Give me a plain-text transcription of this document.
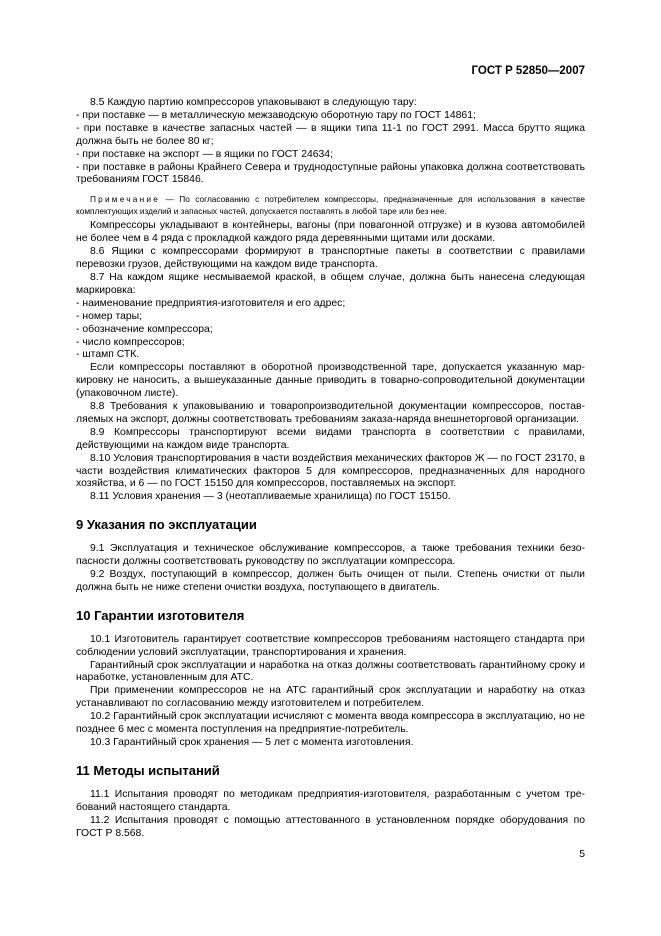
ГОСТ Р 52850—2007

8.5 Каждую партию компрессоров упаковывают в следующую тару:

- при поставке — в металлическую межзаводскую оборотную тару по ГОСТ 14861;

- при поставке в качестве запасных частей — в ящики типа 11-1 по ГОСТ 2991. Масса брутто ящика должна быть не более 80 кг;

- при поставке на экспорт — в ящики по ГОСТ 24634;

- при поставке в районы Крайнего Севера и труднодоступные районы упаковка должна соответствовать требованиям ГОСТ 15846.

Примечание — По согласованию с потребителем компрессоры, предназначенные для использования в качестве комплектующих изделий и запасных частей, допускается поставлять в любой таре или без нее.

Компрессоры укладывают в контейнеры, вагоны (при повагонной отгрузке) и в кузова автомобилей не более чем в 4 ряда с прокладкой каждого ряда деревянными щитами или досками.

8.6 Ящики с компрессорами формируют в транспортные пакеты в соответствии с правилами перевозки грузов, действующими на каждом виде транспорта.

8.7 На каждом ящике несмываемой краской, в общем случае, должна быть нанесена следующая маркировка:

- наименование предприятия-изготовителя и его адрес;

- номер тары;

- обозначение компрессора;

- число компрессоров;

- штамп СТК.

Если компрессоры поставляют в оборотной производственной таре, допускается указанную маркировку не наносить, а вышеуказанные данные приводить в товарно-сопроводительной документации (упаковочном листе).

8.8 Требования к упаковыванию и товаропроизводительной документации компрессоров, поставляемых на экспорт, должны соответствовать требованиям заказа-наряда внешнеторговой организации.

8.9 Компрессоры транспортируют всеми видами транспорта в соответствии с правилами, действующими на каждом виде транспорта.

8.10 Условия транспортирования в части воздействия механических факторов Ж — по ГОСТ 23170, в части воздействия климатических факторов 5 для компрессоров, предназначенных для народного хозяйства, и 6 — по ГОСТ 15150 для компрессоров, поставляемых на экспорт.

8.11 Условия хранения — 3 (неотапливаемые хранилища) по ГОСТ 15150.

9 Указания по эксплуатации

9.1 Эксплуатация и техническое обслуживание компрессоров, а также требования техники безопасности должны соответствовать руководству по эксплуатации компрессора.

9.2 Воздух, поступающий в компрессор, должен быть очищен от пыли. Степень очистки от пыли должна быть не ниже степени очистки воздуха, поступающего в двигатель.

10 Гарантии изготовителя

10.1 Изготовитель гарантирует соответствие компрессоров требованиям настоящего стандарта при соблюдении условий эксплуатации, транспортирования и хранения.

Гарантийный срок эксплуатации и наработка на отказ должны соответствовать гарантийному сроку и наработке, установленным для АТС.

При применении компрессоров не на АТС гарантийный срок эксплуатации и наработку на отказ устанавливают по согласованию между изготовителем и потребителем.

10.2 Гарантийный срок эксплуатации исчисляют с момента ввода компрессора в эксплуатацию, но не позднее 6 мес с момента поступления на предприятие-потребитель.

10.3 Гарантийный срок хранения — 5 лет с момента изготовления.

11 Методы испытаний

11.1 Испытания проводят по методикам предприятия-изготовителя, разработанным с учетом требований настоящего стандарта.

11.2 Испытания проводят с помощью аттестованного в установленном порядке оборудования по ГОСТ Р 8.568.

5
